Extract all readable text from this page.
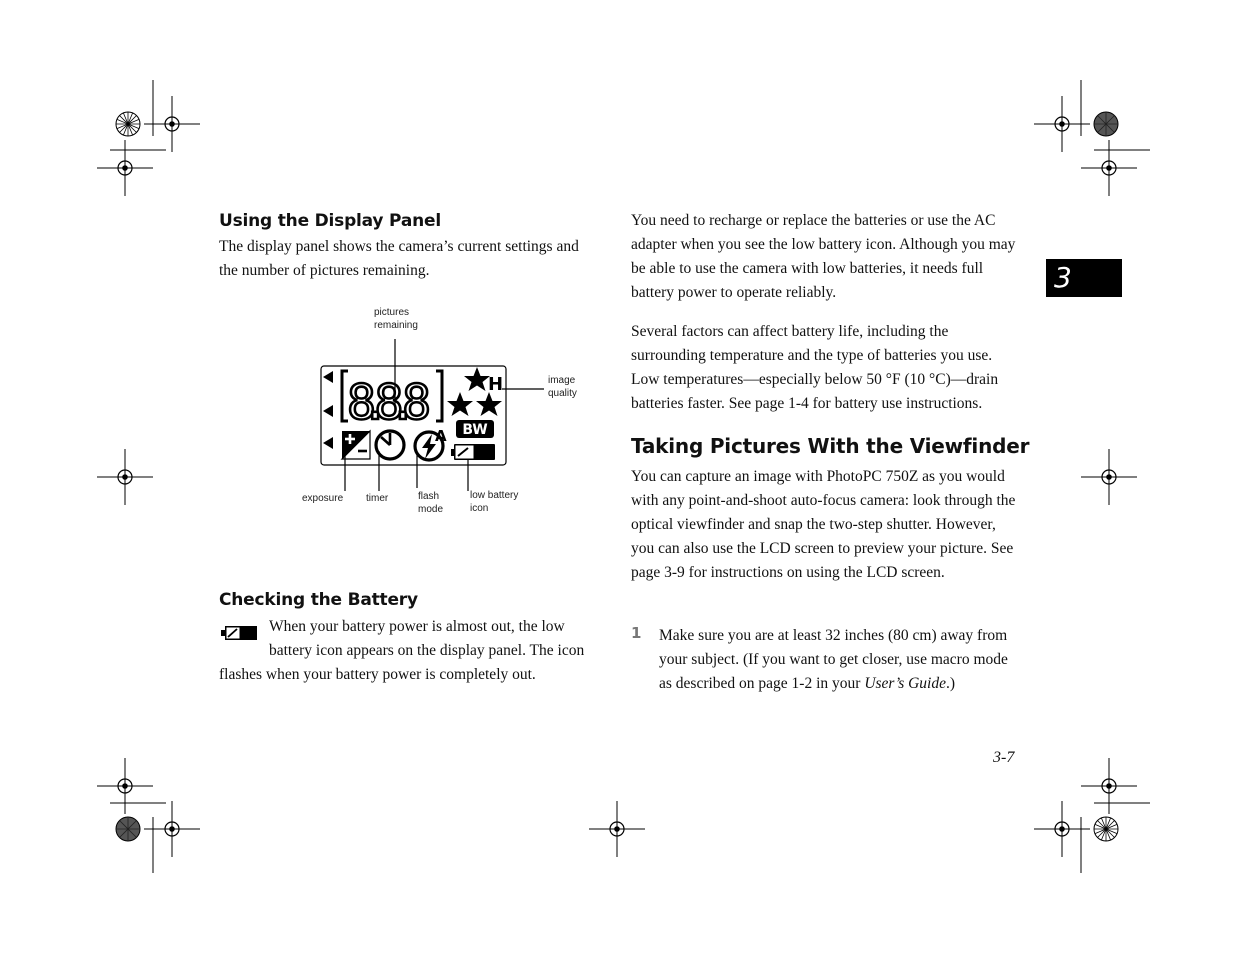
3
Using the Display Panel

The display panel shows the camera’s current settings and the number of pictures remaining.

8.8.8	H
BW
A
pictures
remaining
image
quality
exposure timer	flash
mode
low battery
icon
Checking the Battery

When your battery power is almost out, the low battery icon appears on the display panel. The icon

flashes when your battery power is completely out.

You need to recharge or replace the batteries or use the AC adapter when you see the low battery icon. Although you may be able to use the camera with low batteries, it needs full battery power to operate reliably.

Several factors can affect battery life, including the surrounding temperature and the type of batteries you use. Low temperatures—especially below 50 °F (10 °C)—drain batteries faster. See page 1-4 for battery use instructions.

Taking Pictures With the Viewfinder

You can capture an image with PhotoPC 750Z as you would with any point-and-shoot auto-focus camera: look through the optical viewfinder and snap the two-step shutter. However, you can also use the LCD screen to preview your picture. See page 3-9 for instructions on using the LCD screen.

1 Make sure you are at least 32 inches (80 cm) away from your subject. (If you want to get closer, use macro mode as described on page 1-2 in your User’s Guide.)

3-7
